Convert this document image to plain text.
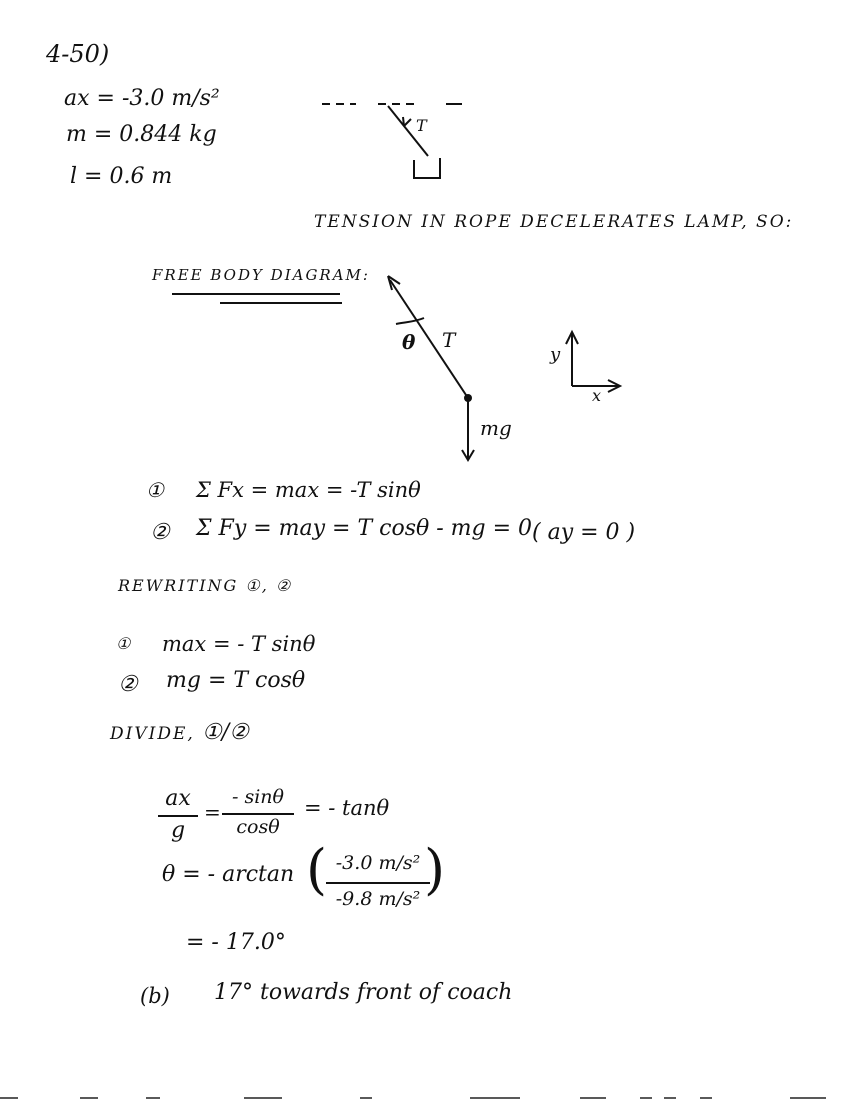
4-50)
ax = -3.0 m/s²
m = 0.844 kg
l = 0.6 m
T
TENSION IN ROPE DECELERATES LAMP, SO:
FREE BODY DIAGRAM:
θ T
mg
y
x
① Σ Fx = max = -T sinθ
② Σ Fy = may = T cosθ - mg = 0 ( ay = 0 )
REWRITING ①, ②
① max = - T sinθ
② mg = T cosθ
DIVIDE, ①/②
ax
g
=
- sinθ
cosθ
= - tanθ
θ = - arctan ( -3.0 m/s²
-9.8 m/s² )
= - 17.0°
(b) 17° towards front of coach
